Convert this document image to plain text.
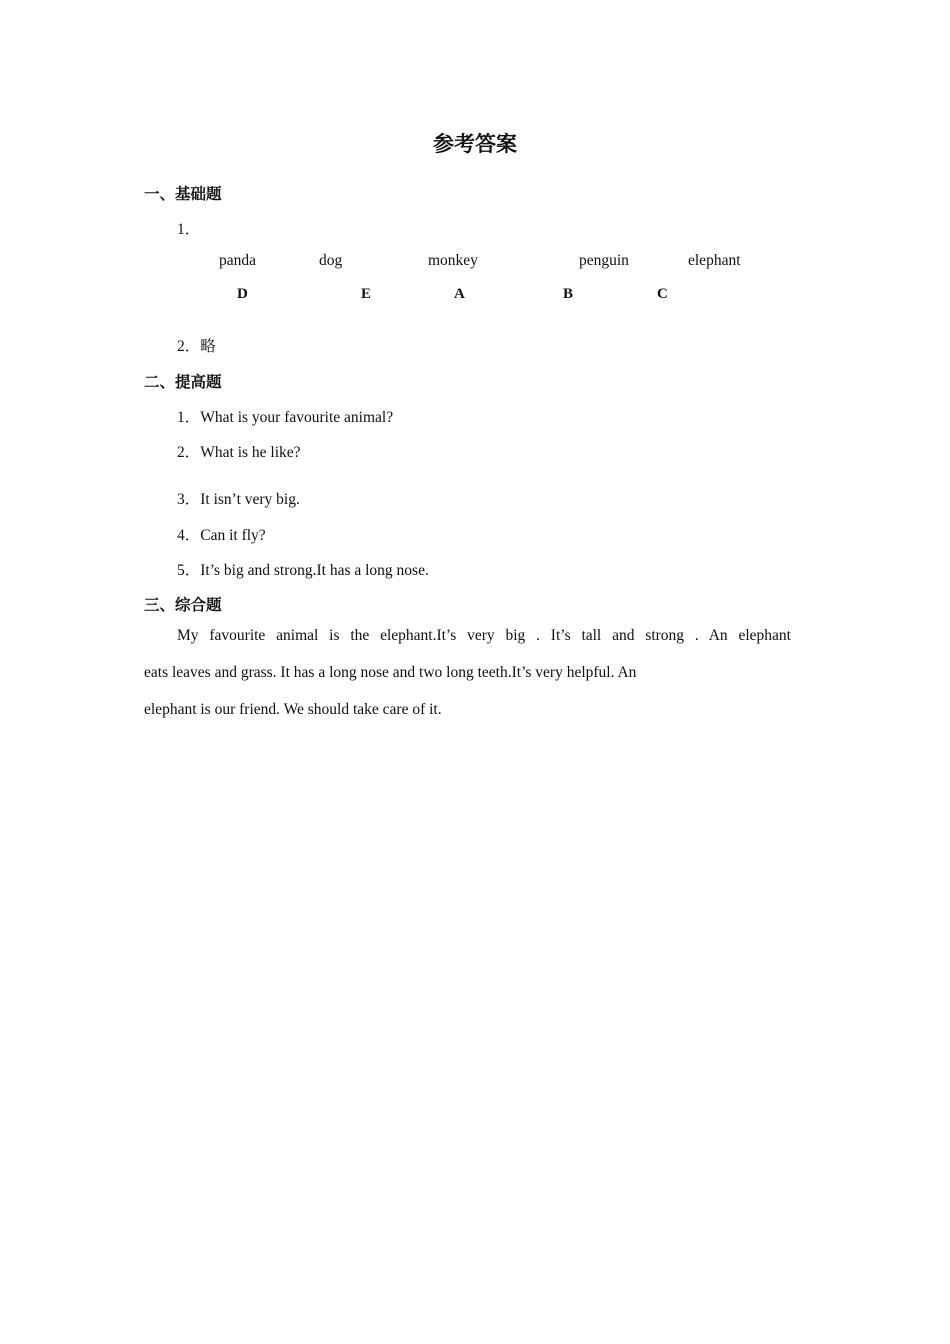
参考答案
一、基础题
1．
panda	dog	monkey	penguin	elephant
D	E	A	B	C
2．略
二、提高题
1．What is your favourite animal?
2．What is he like?
3．It isn’t very big.
4．Can it fly?
5．It’s big and strong.It has a long nose.
三、综合题
My favourite animal is the elephant.It’s very big . It’s tall and strong . An elephant
eats leaves and grass. It has a long nose and two long teeth.It’s very helpful. An
elephant is our friend. We should take care of it.
